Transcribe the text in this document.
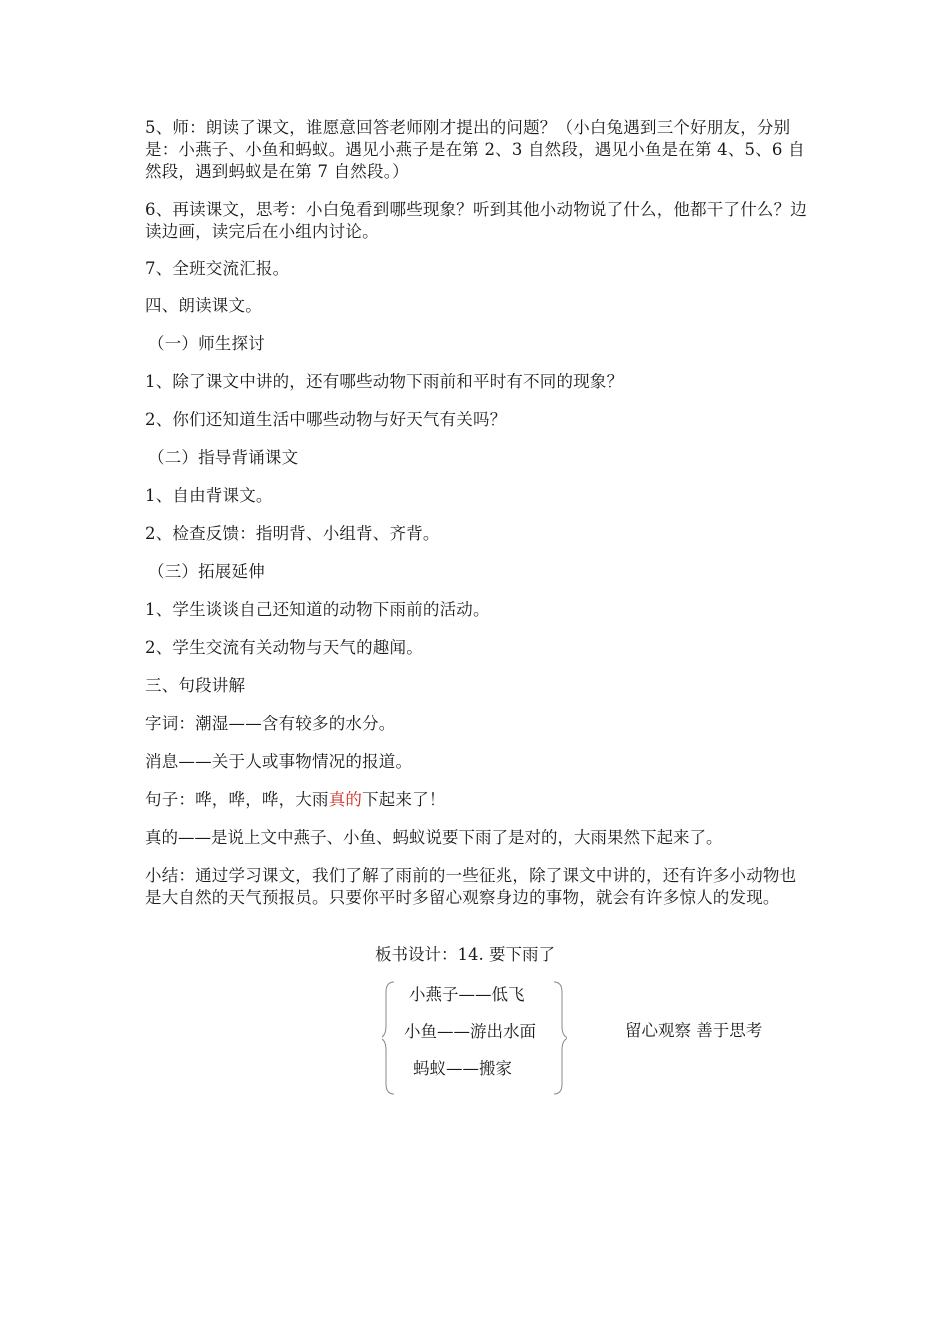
5、师：朗读了课文，谁愿意回答老师刚才提出的问题？（小白兔遇到三个好朋友，分别是：小燕子、小鱼和蚂蚁。遇见小燕子是在第 2、3 自然段，遇见小鱼是在第 4、5、6 自然段，遇到蚂蚁是在第 7 自然段。）
6、再读课文，思考：小白兔看到哪些现象？听到其他小动物说了什么，他都干了什么？边读边画，读完后在小组内讨论。
7、全班交流汇报。
四、朗读课文。
（一）师生探讨
1、除了课文中讲的，还有哪些动物下雨前和平时有不同的现象？
2、你们还知道生活中哪些动物与好天气有关吗？
（二）指导背诵课文
1、自由背课文。
2、检查反馈：指明背、小组背、齐背。
（三）拓展延伸
1、学生谈谈自己还知道的动物下雨前的活动。
2、学生交流有关动物与天气的趣闻。
三、句段讲解
字词：潮湿——含有较多的水分。
消息——关于人或事物情况的报道。
句子：哗，哗，哗，大雨真的下起来了！
真的——是说上文中燕子、小鱼、蚂蚁说要下雨了是对的，大雨果然下起来了。
小结：通过学习课文，我们了解了雨前的一些征兆，除了课文中讲的，还有许多小动物也是大自然的天气预报员。只要你平时多留心观察身边的事物，就会有许多惊人的发现。
板书设计：14. 要下雨了
小燕子——低飞
小鱼——游出水面
蚂蚁——搬家
留心观察 善于思考
